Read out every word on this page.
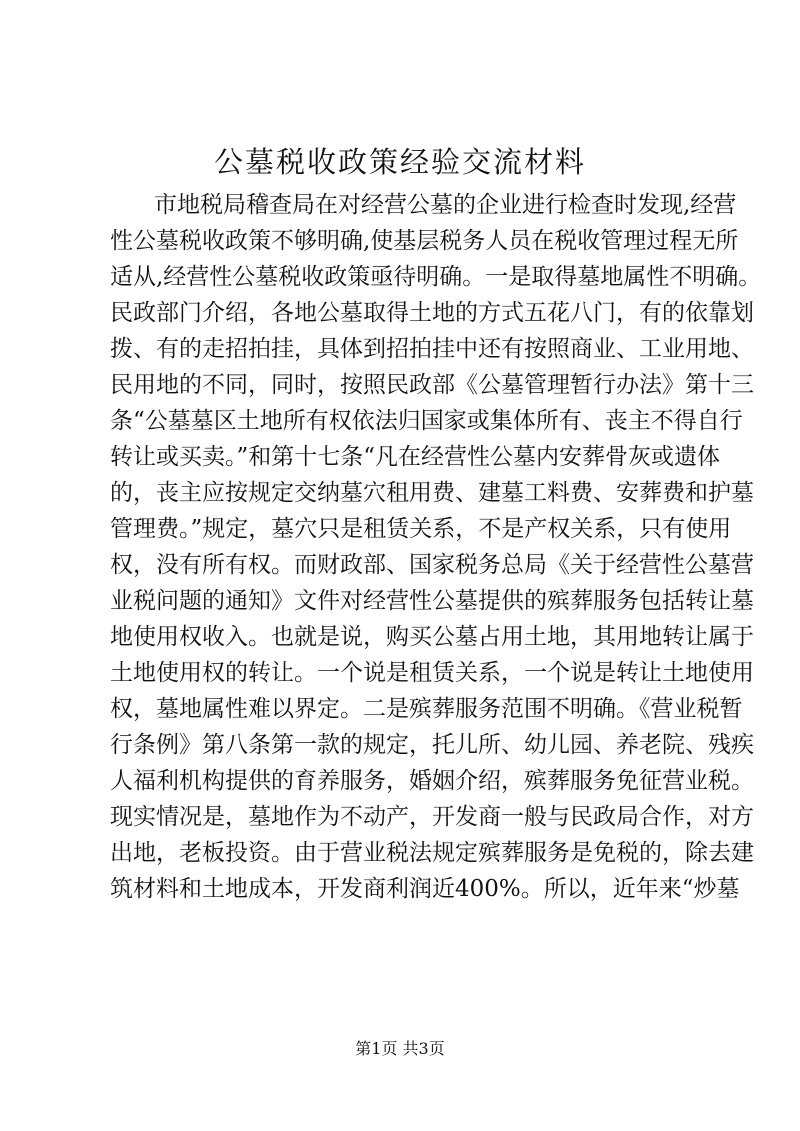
公墓税收政策经验交流材料
市地税局稽查局在对经营公墓的企业进行检查时发现,经营
性公墓税收政策不够明确,使基层税务人员在税收管理过程无所
适从,经营性公墓税收政策亟待明确。一是取得墓地属性不明确。
民政部门介绍，各地公墓取得土地的方式五花八门，有的依靠划
拨、有的走招拍挂，具体到招拍挂中还有按照商业、工业用地、
民用地的不同，同时，按照民政部《公墓管理暂行办法》第十三
条“公墓墓区土地所有权依法归国家或集体所有、丧主不得自行
转让或买卖。”和第十七条“凡在经营性公墓内安葬骨灰或遗体
的，丧主应按规定交纳墓穴租用费、建墓工料费、安葬费和护墓
管理费。”规定，墓穴只是租赁关系，不是产权关系，只有使用
权，没有所有权。而财政部、国家税务总局《关于经营性公墓营
业税问题的通知》文件对经营性公墓提供的殡葬服务包括转让墓
地使用权收入。也就是说，购买公墓占用土地，其用地转让属于
土地使用权的转让。一个说是租赁关系，一个说是转让土地使用
权，墓地属性难以界定。二是殡葬服务范围不明确。《营业税暂
行条例》第八条第一款的规定，托儿所、幼儿园、养老院、残疾
人福利机构提供的育养服务，婚姻介绍，殡葬服务免征营业税。
现实情况是，墓地作为不动产，开发商一般与民政局合作，对方
出地，老板投资。由于营业税法规定殡葬服务是免税的，除去建
筑材料和土地成本，开发商利润近400%。所以，近年来“炒墓
第1页 共3页
